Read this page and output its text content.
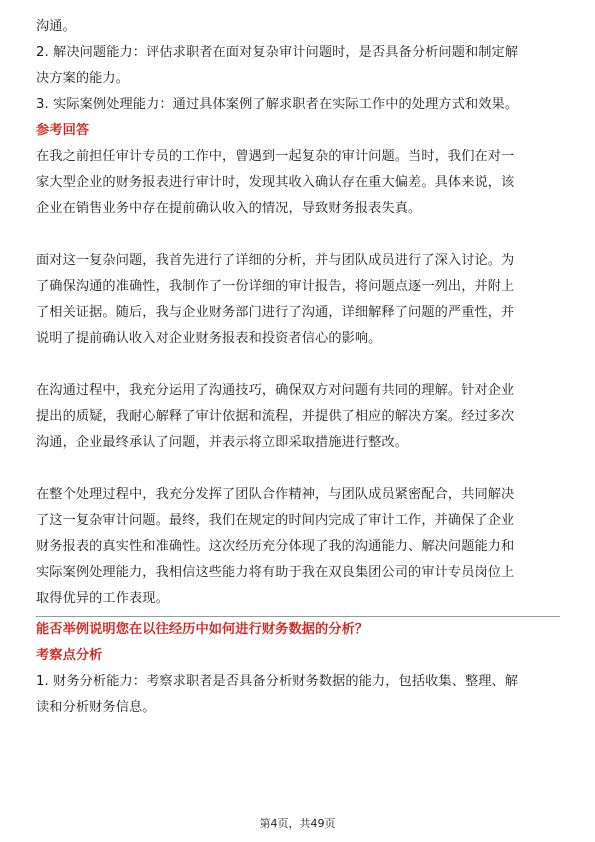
沟通。
2. 解决问题能力：评估求职者在面对复杂审计问题时，是否具备分析问题和制定解
决方案的能力。
3. 实际案例处理能力：通过具体案例了解求职者在实际工作中的处理方式和效果。
参考回答
在我之前担任审计专员的工作中，曾遇到一起复杂的审计问题。当时，我们在对一
家大型企业的财务报表进行审计时，发现其收入确认存在重大偏差。具体来说，该
企业在销售业务中存在提前确认收入的情况，导致财务报表失真。
面对这一复杂问题，我首先进行了详细的分析，并与团队成员进行了深入讨论。为
了确保沟通的准确性，我制作了一份详细的审计报告，将问题点逐一列出，并附上
了相关证据。随后，我与企业财务部门进行了沟通，详细解释了问题的严重性，并
说明了提前确认收入对企业财务报表和投资者信心的影响。
在沟通过程中，我充分运用了沟通技巧，确保双方对问题有共同的理解。针对企业
提出的质疑，我耐心解释了审计依据和流程，并提供了相应的解决方案。经过多次
沟通，企业最终承认了问题，并表示将立即采取措施进行整改。
在整个处理过程中，我充分发挥了团队合作精神，与团队成员紧密配合，共同解决
了这一复杂审计问题。最终，我们在规定的时间内完成了审计工作，并确保了企业
财务报表的真实性和准确性。这次经历充分体现了我的沟通能力、解决问题能力和
实际案例处理能力，我相信这些能力将有助于我在双良集团公司的审计专员岗位上
取得优异的工作表现。
能否举例说明您在以往经历中如何进行财务数据的分析？
考察点分析
1. 财务分析能力：考察求职者是否具备分析财务数据的能力，包括收集、整理、解
读和分析财务信息。
第4页，共49页
